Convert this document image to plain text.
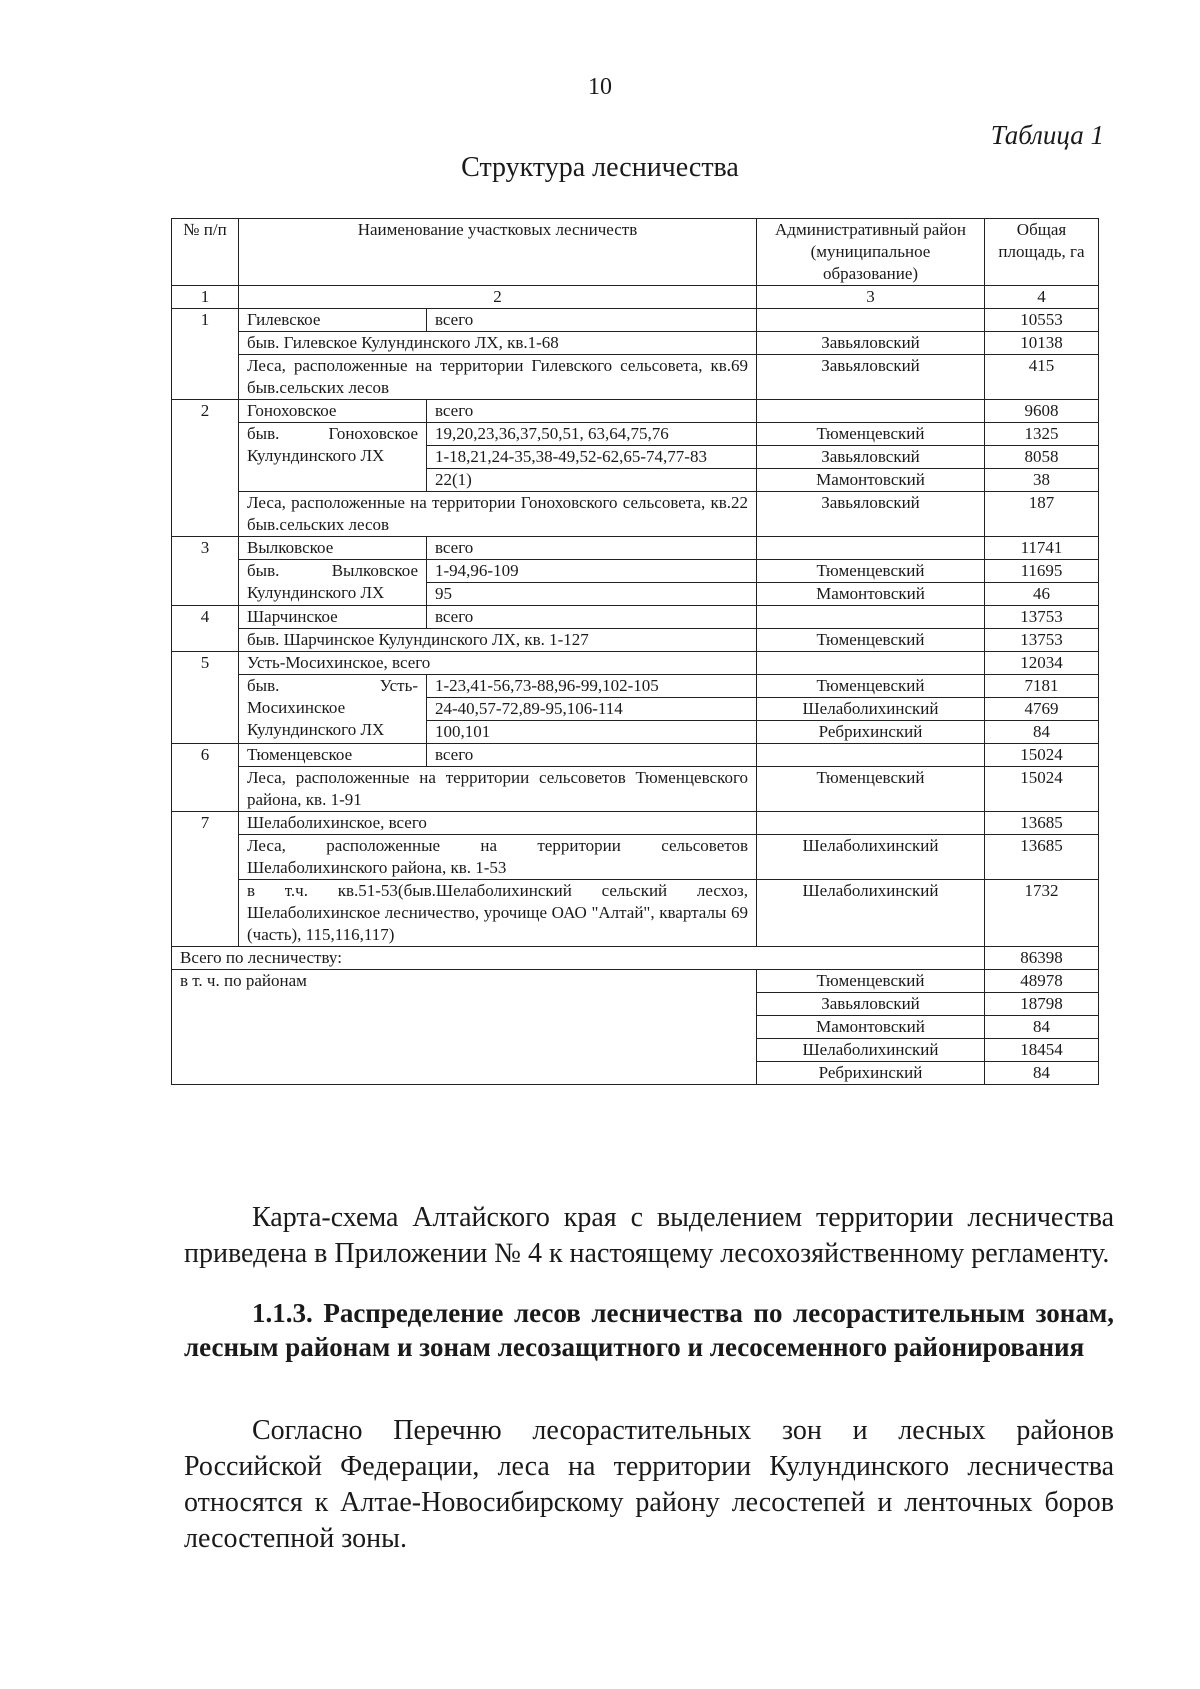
10
Таблица 1
Структура лесничества
№ п/п	Наименование участковых лесничеств		Административный район (муниципальное образование)	Общая площадь, га
1	2		3	4
1	Гилевское	всего		10553
	быв. Гилевское Кулундинского ЛХ, кв.1-68		Завьяловский	10138
	Леса, расположенные на территории Гилевского сельсовета, кв.69 быв.сельских лесов		Завьяловский	415
2	Гоноховское	всего		9608
	быв. Гоноховское Кулундинского ЛХ	19,20,23,36,37,50,51, 63,64,75,76	Тюменцевский	1325
		1-18,21,24-35,38-49,52-62,65-74,77-83	Завьяловский	8058
		22(1)	Мамонтовский	38
	Леса, расположенные на территории Гоноховского сельсовета, кв.22 быв.сельских лесов		Завьяловский	187
3	Вылковское	всего		11741
	быв. Вылковское Кулундинского ЛХ	1-94,96-109	Тюменцевский	11695
		95	Мамонтовский	46
4	Шарчинское	всего		13753
	быв. Шарчинское Кулундинского ЛХ, кв. 1-127		Тюменцевский	13753
5	Усть-Мосихинское, всего			12034
	быв. Усть-Мосихинское Кулундинского ЛХ	1-23,41-56,73-88,96-99,102-105	Тюменцевский	7181
		24-40,57-72,89-95,106-114	Шелаболихинский	4769
		100,101	Ребрихинский	84
6	Тюменцевское	всего		15024
	Леса, расположенные на территории сельсоветов Тюменцевского района, кв. 1-91		Тюменцевский	15024
7	Шелаболихинское, всего			13685
	Леса, расположенные на территории сельсоветов Шелаболихинского района, кв. 1-53		Шелаболихинский	13685
	в т.ч. кв.51-53(быв.Шелаболихинский сельский лесхоз, Шелаболихинское лесничество, урочище ОАО "Алтай", кварталы 69 (часть), 115,116,117)		Шелаболихинский	1732
Всего по лесничеству:				86398
в т. ч. по районам			Тюменцевский	48978
			Завьяловский	18798
			Мамонтовский	84
			Шелаболихинский	18454
			Ребрихинский	84
Карта-схема Алтайского края с выделением территории лесничества приведена в Приложении № 4 к настоящему лесохозяйственному регламенту.
1.1.3. Распределение лесов лесничества по лесорастительным зонам, лесным районам и зонам лесозащитного и лесосеменного районирования
Согласно Перечню лесорастительных зон и лесных районов Российской Федерации, леса на территории Кулундинского лесничества относятся к Алтае-Новосибирскому району лесостепей и ленточных боров лесостепной зоны.
